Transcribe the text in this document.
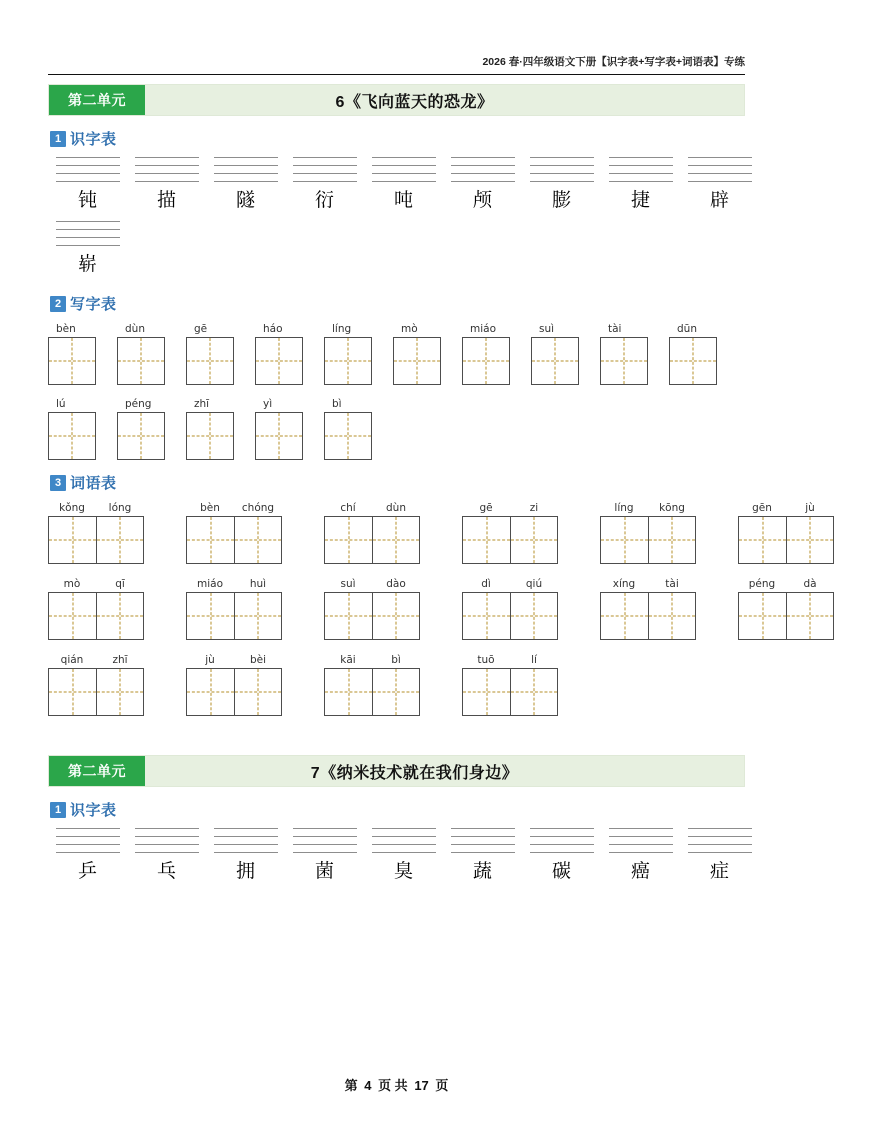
2026 春·四年级语文下册【识字表+写字表+词语表】专练
第二单元	6《飞向蓝天的恐龙》
1 识字表
钝	描	隧	衍	吨	颅	膨	捷	辟
崭
2 写字表
bèn	dùn	gē	háo	líng	mò	miáo	suì	tài	dūn
lú	péng	zhī	yì	bì
3 词语表
kǒng	lóng	bèn	chóng	chí	dùn	gē	zi	líng	kōng	gēn	jù
mò	qī	miáo	huì	suì	dào	dì	qiú	xíng	tài	péng	dà
qián	zhī	jù	bèi	kāi	bì	tuō	lí
第二单元	7《纳米技术就在我们身边》
1 识字表
乒	乓	拥	菌	臭	蔬	碳	癌	症
第 4 页 共 17 页
